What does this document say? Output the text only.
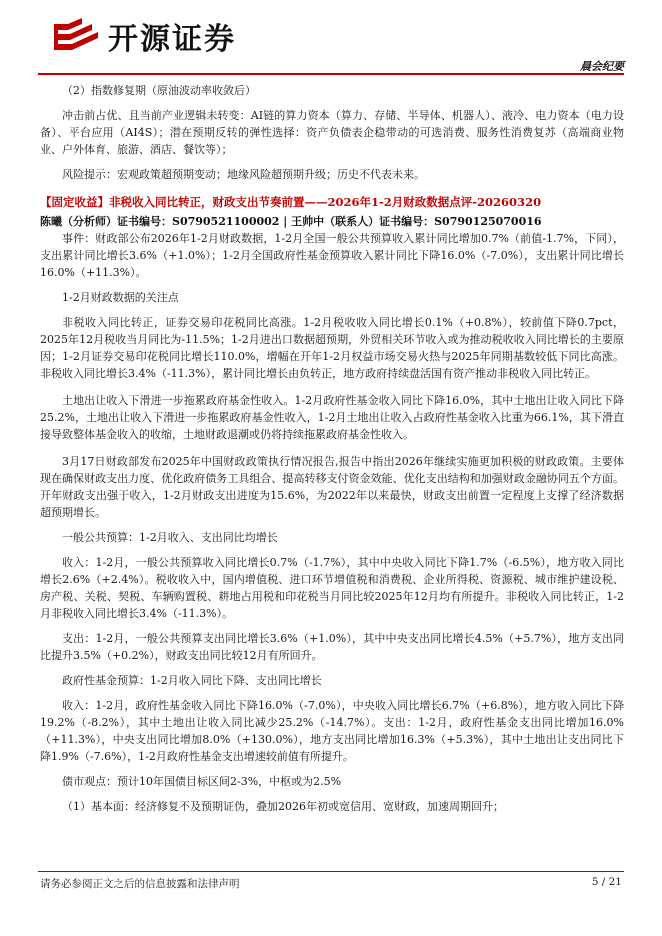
开源证券
晨会纪要

（2）指数修复期（原油波动率收敛后）

冲击前占优、且当前产业逻辑未转变：AI链的算力资本（算力、存储、半导体、机器人）、液冷、电力资本（电力设备）、平台应用（AI4S）；潜在预期反转的弹性选择：资产负债表企稳带动的可选消费、服务性消费复苏（高端商业物业、户外体育、旅游、酒店、餐饮等）；

风险提示：宏观政策超预期变动；地缘风险超预期升级；历史不代表未来。

【固定收益】非税收入同比转正，财政支出节奏前置——2026年1-2月财政数据点评-20260320

陈曦（分析师）证书编号：S0790521100002 | 王帅中（联系人）证书编号：S0790125070016

事件：财政部公布2026年1-2月财政数据，1-2月全国一般公共预算收入累计同比增加0.7%（前值-1.7%，下同），支出累计同比增长3.6%（+1.0%）；1-2月全国政府性基金预算收入累计同比下降16.0%（-7.0%），支出累计同比增长16.0%（+11.3%）。

1-2月财政数据的关注点

非税收入同比转正，证券交易印花税同比高涨。1-2月税收收入同比增长0.1%（+0.8%），较前值下降0.7pct，2025年12月税收当月同比为-11.5%；1-2月进出口数据超预期，外贸相关环节收入或为推动税收收入同比增长的主要原因；1-2月证券交易印花税同比增长110.0%，增幅在开年1-2月权益市场交易火热与2025年同期基数较低下同比高涨。非税收入同比增长3.4%（-11.3%），累计同比增长由负转正，地方政府持续盘活国有资产推动非税收入同比转正。

土地出让收入下滑进一步拖累政府基金性收入。1-2月政府性基金收入同比下降16.0%，其中土地出让收入同比下降25.2%，土地出让收入下滑进一步拖累政府基金性收入，1-2月土地出让收入占政府性基金收入比重为66.1%，其下滑直接导致整体基金收入的收缩，土地财政退潮或仍将持续拖累政府基金性收入。

3月17日财政部发布2025年中国财政政策执行情况报告,报告中指出2026年继续实施更加积极的财政政策。主要体现在确保财政支出力度、优化政府债务工具组合、提高转移支付资金效能、优化支出结构和加强财政金融协同五个方面。开年财政支出强于收入，1-2月财政支出进度为15.6%，为2022年以来最快，财政支出前置一定程度上支撑了经济数据超预期增长。

一般公共预算：1-2月收入、支出同比均增长

收入：1-2月，一般公共预算收入同比增长0.7%（-1.7%），其中中央收入同比下降1.7%（-6.5%），地方收入同比增长2.6%（+2.4%）。税收收入中，国内增值税、进口环节增值税和消费税、企业所得税、资源税、城市维护建设税、房产税、关税、契税、车辆购置税、耕地占用税和印花税当月同比较2025年12月均有所提升。非税收入同比转正，1-2月非税收入同比增长3.4%（-11.3%）。

支出：1-2月，一般公共预算支出同比增长3.6%（+1.0%），其中中央支出同比增长4.5%（+5.7%），地方支出同比提升3.5%（+0.2%），财政支出同比较12月有所回升。

政府性基金预算：1-2月收入同比下降、支出同比增长

收入：1-2月，政府性基金收入同比下降16.0%（-7.0%），中央收入同比增长6.7%（+6.8%），地方收入同比下降19.2%（-8.2%），其中土地出让收入同比减少25.2%（-14.7%）。支出：1-2月，政府性基金支出同比增加16.0%（+11.3%），中央支出同比增加8.0%（+130.0%），地方支出同比增加16.3%（+5.3%），其中土地出让支出同比下降1.9%（-7.6%），1-2月政府性基金支出增速较前值有所提升。

债市观点：预计10年国债目标区间2-3%，中枢或为2.5%

（1）基本面：经济修复不及预期证伪，叠加2026年初或宽信用、宽财政，加速周期回升；

请务必参阅正文之后的信息披露和法律声明	5 / 21
